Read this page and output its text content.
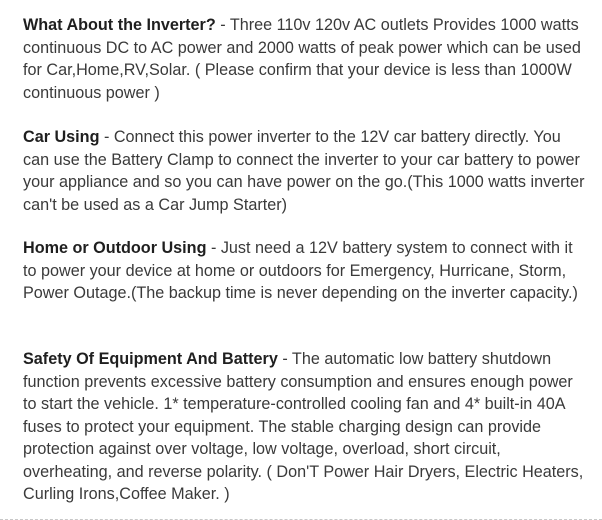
What About the Inverter? - Three 110v 120v AC outlets Provides 1000 watts continuous DC to AC power and 2000 watts of peak power which can be used for Car,Home,RV,Solar. ( Please confirm that your device is less than 1000W continuous power )

Car Using - Connect this power inverter to the 12V car battery directly. You can use the Battery Clamp to connect the inverter to your car battery to power your appliance and so you can have power on the go.(This 1000 watts inverter can't be used as a Car Jump Starter)

Home or Outdoor Using - Just need a 12V battery system to connect with it to power your device at home or outdoors for Emergency, Hurricane, Storm, Power Outage.(The backup time is never depending on the inverter capacity.)

Safety Of Equipment And Battery - The automatic low battery shutdown function prevents excessive battery consumption and ensures enough power to start the vehicle. 1* temperature-controlled cooling fan and 4* built-in 40A fuses to protect your equipment. The stable charging design can provide protection against over voltage, low voltage, overload, short circuit, overheating, and reverse polarity. ( Don'T Power Hair Dryers, Electric Heaters, Curling Irons,Coffee Maker. )
